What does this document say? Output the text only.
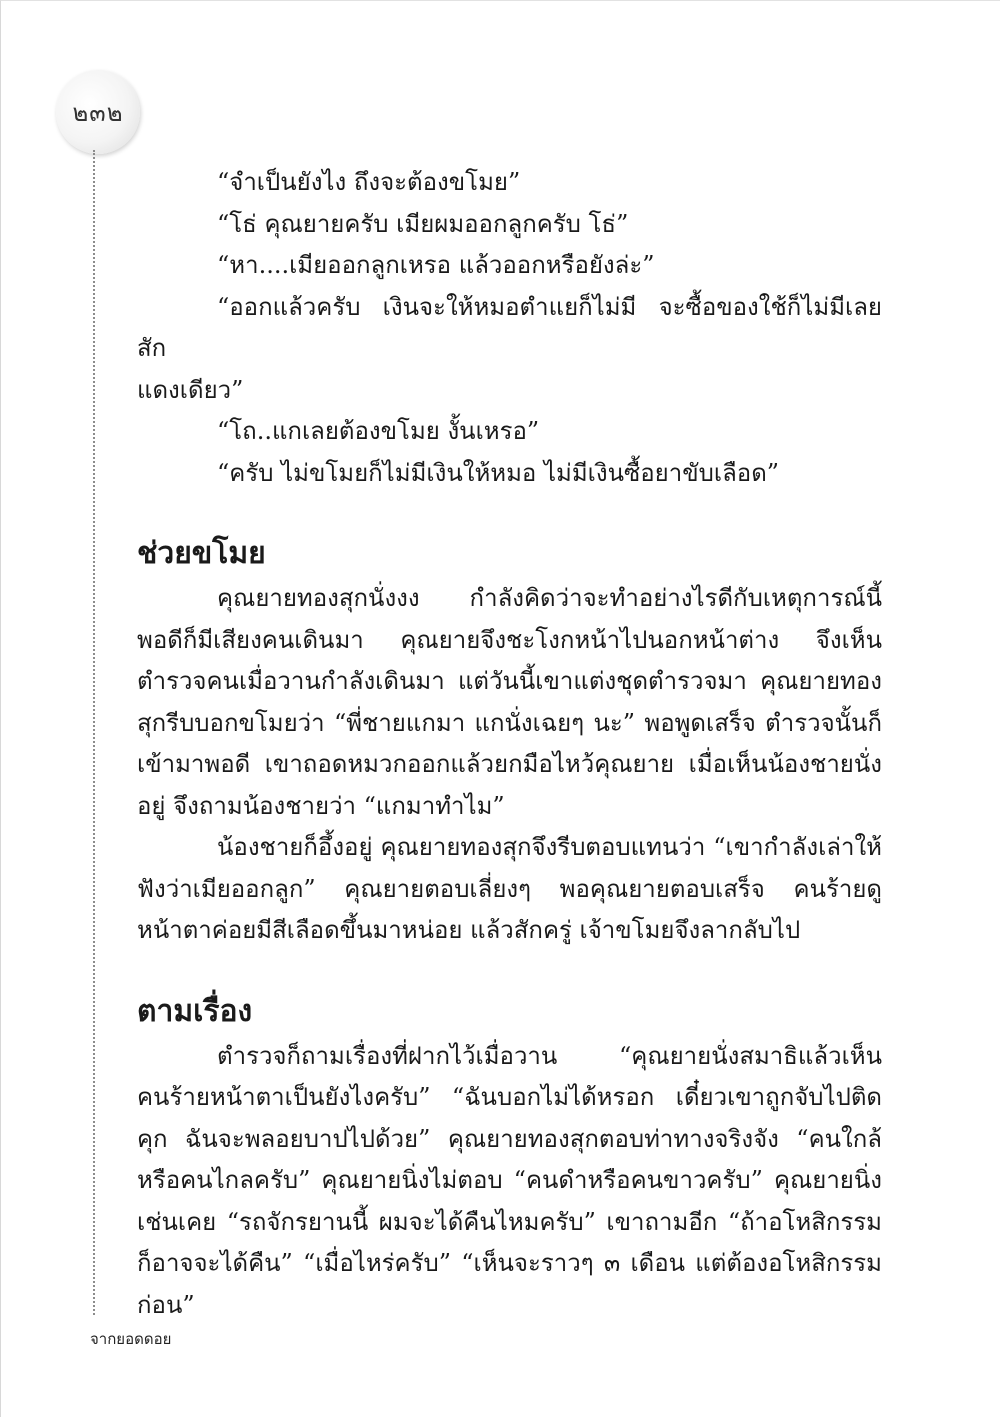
๒๓๒

“จำเป็นยังไง ถึงจะต้องขโมย”

“โธ่ คุณยายครับ เมียผมออกลูกครับ โธ่”

“หา....เมียออกลูกเหรอ แล้วออกหรือยังล่ะ”

“ออกแล้วครับ เงินจะให้หมอตำแยก็ไม่มี จะซื้อของใช้ก็ไม่มีเลยสัก

แดงเดียว”

“โถ..แกเลยต้องขโมย งั้นเหรอ”

“ครับ ไม่ขโมยก็ไม่มีเงินให้หมอ ไม่มีเงินซื้อยาขับเลือด”

ช่วยขโมย

คุณยายทองสุกนั่งงง กำลังคิดว่าจะทำอย่างไรดีกับเหตุการณ์นี้ พอดีก็มีเสียงคนเดินมา คุณยายจึงชะโงกหน้าไปนอกหน้าต่าง จึงเห็นตำรวจคนเมื่อวานกำลังเดินมา แต่วันนี้เขาแต่งชุดตำรวจมา คุณยายทองสุกรีบบอกขโมยว่า “พี่ชายแกมา แกนั่งเฉยๆ นะ” พอพูดเสร็จ ตำรวจนั้นก็เข้ามาพอดี เขาถอดหมวกออกแล้วยกมือไหว้คุณยาย เมื่อเห็นน้องชายนั่งอยู่ จึงถามน้องชายว่า “แกมาทำไม”

น้องชายก็อึ้งอยู่ คุณยายทองสุกจึงรีบตอบแทนว่า “เขากำลังเล่าให้ฟังว่าเมียออกลูก” คุณยายตอบเลี่ยงๆ พอคุณยายตอบเสร็จ คนร้ายดูหน้าตาค่อยมีสีเลือดขึ้นมาหน่อย แล้วสักครู่ เจ้าขโมยจึงลากลับไป

ตามเรื่อง

ตำรวจก็ถามเรื่องที่ฝากไว้เมื่อวาน “คุณยายนั่งสมาธิแล้วเห็นคนร้ายหน้าตาเป็นยังไงครับ” “ฉันบอกไม่ได้หรอก เดี๋ยวเขาถูกจับไปติดคุก ฉันจะพลอยบาปไปด้วย” คุณยายทองสุกตอบท่าทางจริงจัง “คนใกล้หรือคนไกลครับ” คุณยายนิ่งไม่ตอบ “คนดำหรือคนขาวครับ” คุณยายนิ่งเช่นเคย “รถจักรยานนี้ ผมจะได้คืนไหมครับ” เขาถามอีก “ถ้าอโหสิกรรม ก็อาจจะได้คืน” “เมื่อไหร่ครับ” “เห็นจะราวๆ ๓ เดือน แต่ต้องอโหสิกรรมก่อน”

จากยอดดอย
